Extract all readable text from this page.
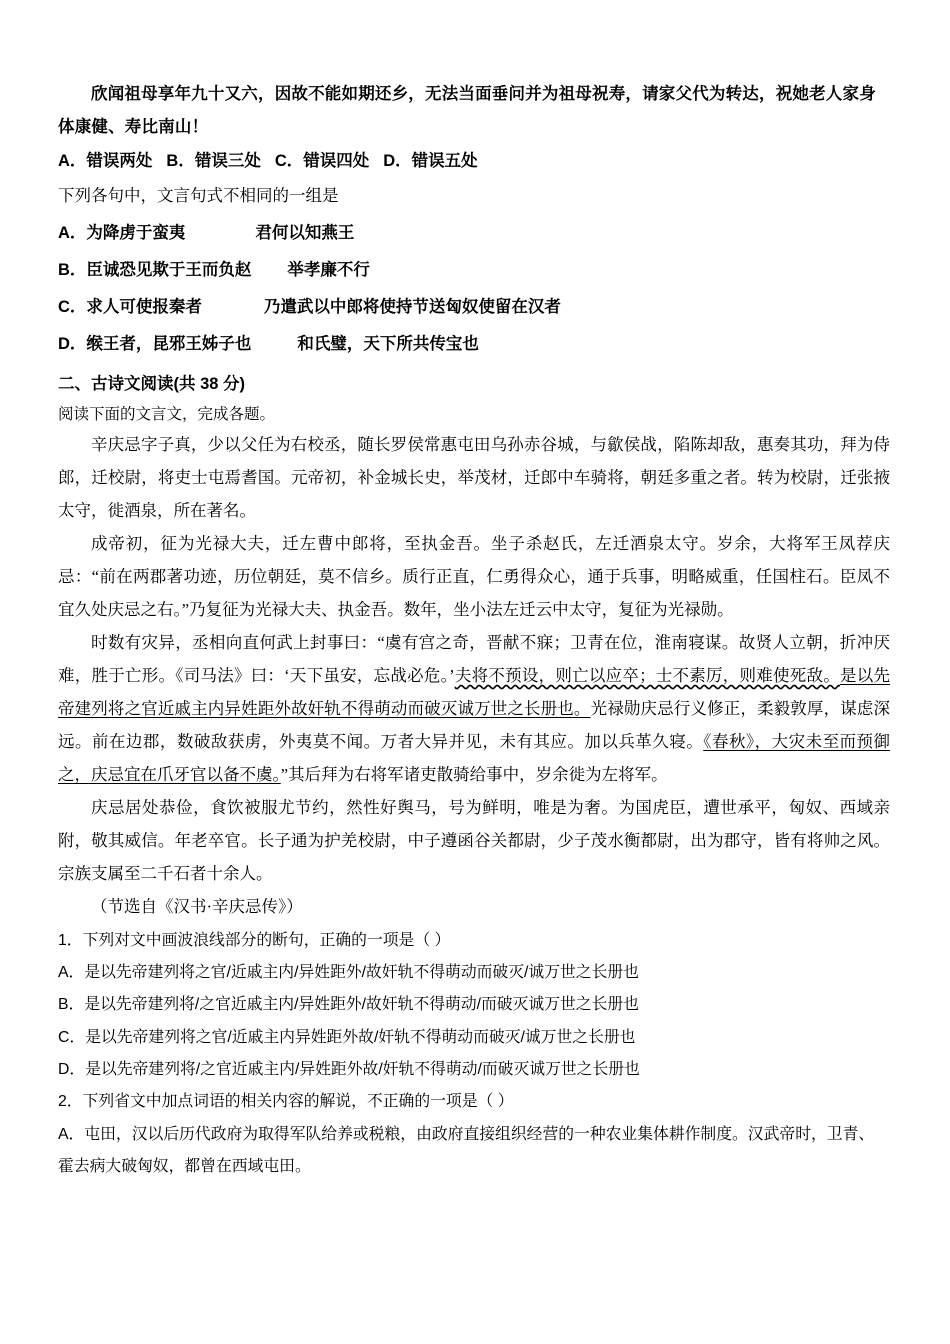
欣闻祖母享年九十又六，因故不能如期还乡，无法当面垂问并为祖母祝寿，请家父代为转达，祝她老人家身体康健、寿比南山！

A．错误两处 B．错误三处 C．错误四处 D．错误五处

下列各句中，文言句式不相同的一组是

A．为降虏于蛮夷	君何以知燕王

B．臣诚恐见欺于王而负赵 举孝廉不行

C．求人可使报秦者	乃遣武以中郎将使持节送匈奴使留在汉者

D．缑王者，昆邪王姊子也	和氏璧，天下所共传宝也

二、古诗文阅读(共 38 分)

阅读下面的文言文，完成各题。

辛庆忌字子真，少以父任为右校丞，随长罗侯常惠屯田乌孙赤谷城，与歙侯战，陷陈却敌，惠奏其功，拜为侍郎，迁校尉，将吏士屯焉耆国。元帝初，补金城长史，举茂材，迁郎中车骑将，朝廷多重之者。转为校尉，迁张掖太守，徙酒泉，所在著名。

成帝初，征为光禄大夫，迁左曹中郎将，至执金吾。坐子杀赵氏，左迁酒泉太守。岁余，大将军王凤荐庆忌：“前在两郡著功迹，历位朝廷，莫不信乡。质行正直，仁勇得众心，通于兵事，明略威重，任国柱石。臣凤不宜久处庆忌之右。”乃复征为光禄大夫、执金吾。数年，坐小法左迁云中太守，复征为光禄勋。

时数有灾异，丞相向直何武上封事曰：“虞有宫之奇，晋献不寐；卫青在位，淮南寝谋。故贤人立朝，折冲厌难，胜于亡形。《司马法》曰：‘天下虽安，忘战必危。’夫将不预设，则亡以应卒；士不素厉，则难使死敌。是以先帝建列将之官近戚主内异姓距外故奸轨不得萌动而破灭诚万世之长册也。光禄勋庆忌行义修正，柔毅敦厚，谋虑深远。前在边郡，数破敌获虏，外夷莫不闻。万者大异并见，未有其应。加以兵革久寝。《春秋》，大灾未至而预御之，庆忌宜在爪牙官以备不虞。”其后拜为右将军诸吏散骑给事中，岁余徙为左将军。

庆忌居处恭俭，食饮被服尤节约，然性好舆马，号为鲜明，唯是为奢。为国虎臣，遭世承平，匈奴、西域亲附，敬其威信。年老卒官。长子通为护羌校尉，中子遵函谷关都尉，少子茂水衡都尉，出为郡守，皆有将帅之风。宗族支属至二千石者十余人。

（节选自《汉书·辛庆忌传》）

1．下列对文中画波浪线部分的断句，正确的一项是（ ）

A．是以先帝建列将之官/近戚主内/异姓距外/故奸轨不得萌动而破灭/诚万世之长册也

B．是以先帝建列将/之官近戚主内/异姓距外/故奸轨不得萌动/而破灭诚万世之长册也

C．是以先帝建列将之官/近戚主内异姓距外故/奸轨不得萌动而破灭/诚万世之长册也

D．是以先帝建列将/之官近戚主内/异姓距外故/奸轨不得萌动/而破灭诚万世之长册也

2．下列省文中加点词语的相关内容的解说，不正确的一项是（ ）

A．屯田，汉以后历代政府为取得军队给养或税粮，由政府直接组织经营的一种农业集体耕作制度。汉武帝时，卫青、

霍去病大破匈奴，都曾在西域屯田。
